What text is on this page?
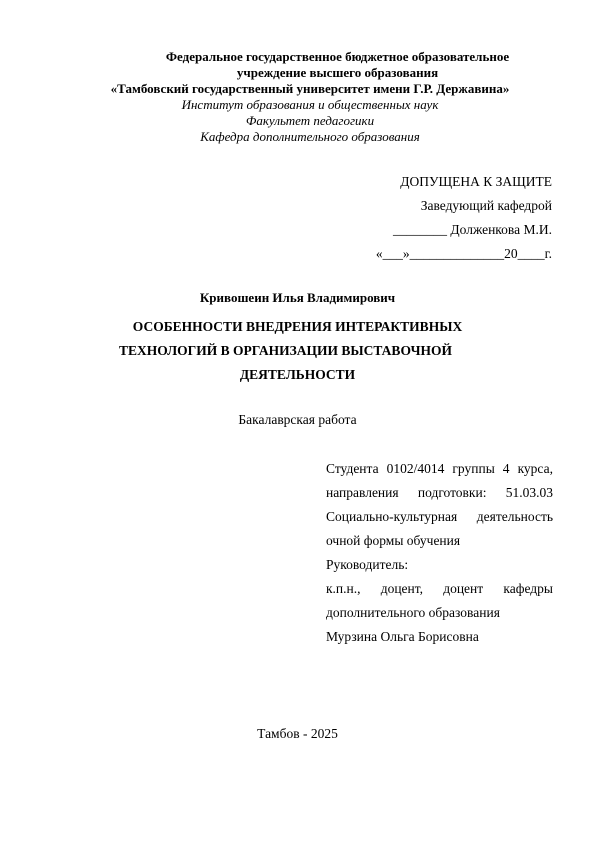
Федеральное государственное бюджетное образовательное
учреждение высшего образования
«Тамбовский государственный университет имени Г.Р. Державина»
Институт образования и общественных наук
Факультет педагогики
Кафедра дополнительного образования
ДОПУЩЕНА К ЗАЩИТЕ
Заведующий кафедрой
________ Долженкова М.И.
«___»______________20____г.
Кривошеин Илья Владимирович
ОСОБЕННОСТИ ВНЕДРЕНИЯ ИНТЕРАКТИВНЫХ
ТЕХНОЛОГИЙ В ОРГАНИЗАЦИИ ВЫСТАВОЧНОЙ
ДЕЯТЕЛЬНОСТИ
Бакалаврская работа
Студента 0102/4014 группы 4 курса,
направления подготовки: 51.03.03
Социально-культурная деятельность
очной формы обучения
Руководитель:
к.п.н., доцент, доцент кафедры
дополнительного образования
Мурзина Ольга Борисовна
Тамбов - 2025
